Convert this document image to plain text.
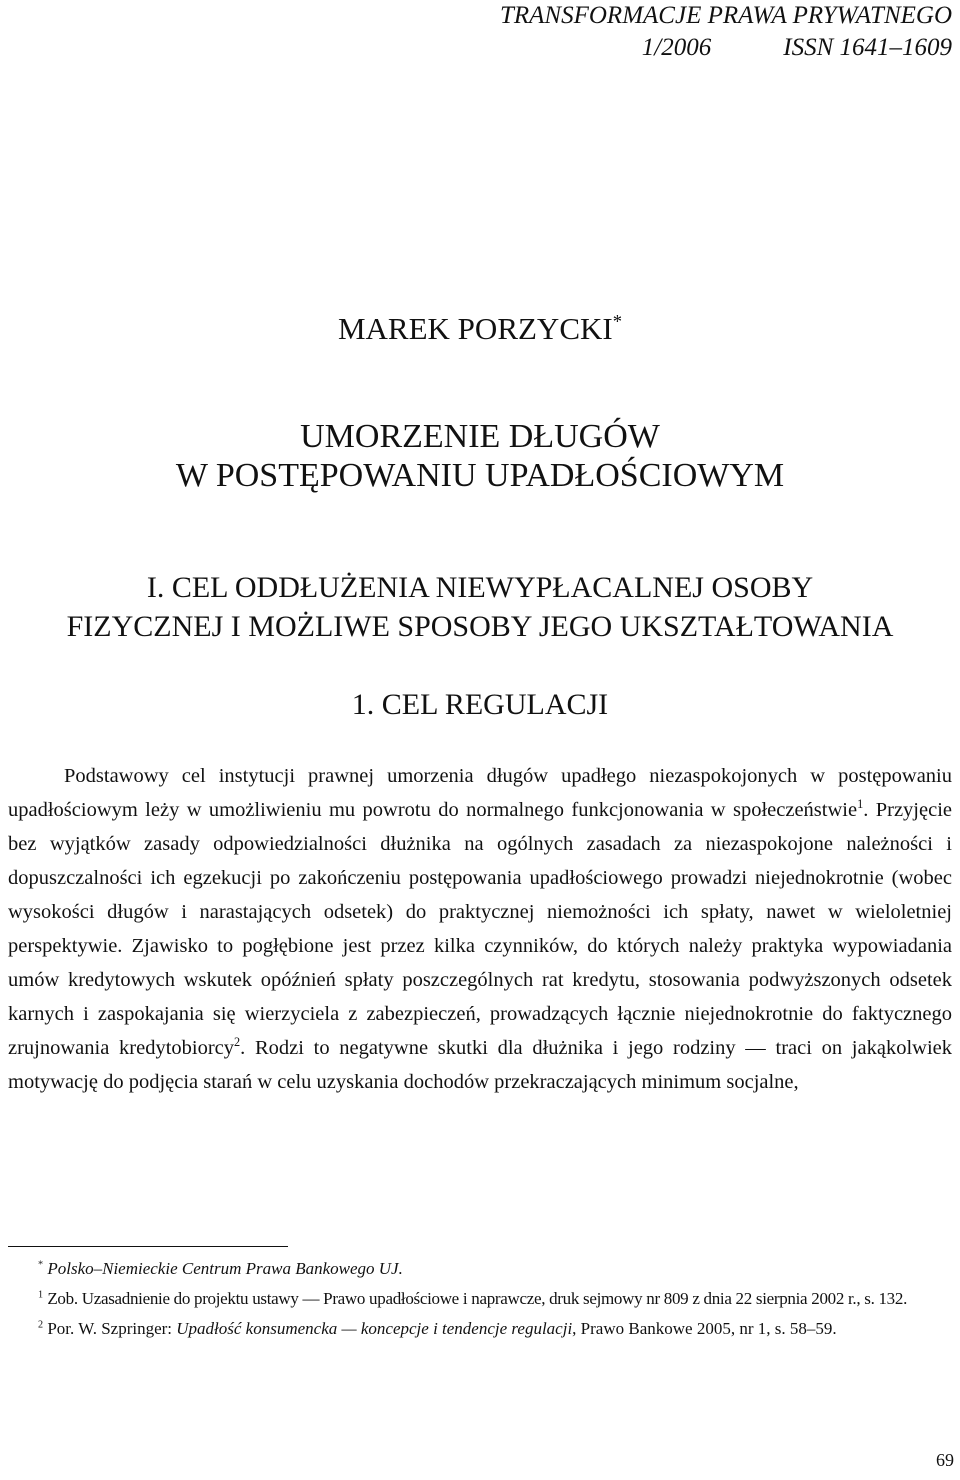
TRANSFORMACJE PRAWA PRYWATNEGO
1/2006	ISSN 1641–1609
MAREK PORZYCKI*
UMORZENIE DŁUGÓW
W POSTĘPOWANIU UPADŁOŚCIOWYM
I. CEL ODDŁUŻENIA NIEWYPŁACALNEJ OSOBY
FIZYCZNEJ I MOŻLIWE SPOSOBY JEGO UKSZTAŁTOWANIA
1. CEL REGULACJI
Podstawowy cel instytucji prawnej umorzenia długów upadłego niezaspokojonych w postępowaniu upadłościowym leży w umożliwieniu mu powrotu do normalnego funkcjonowania w społeczeństwie$^1$. Przyjęcie bez wyjątków zasady odpowiedzialności dłużnika na ogólnych zasadach za niezaspokojone należności i dopuszczalności ich egzekucji po zakończeniu postępowania upadłościowego prowadzi niejednokrotnie (wobec wysokości długów i narastających odsetek) do praktycznej niemożności ich spłaty, nawet w wieloletniej perspektywie. Zjawisko to pogłębione jest przez kilka czynników, do których należy praktyka wypowiadania umów kredytowych wskutek opóźnień spłaty poszczególnych rat kredytu, stosowania podwyższonych odsetek karnych i zaspokajania się wierzyciela z zabezpieczeń, prowadzących łącznie niejednokrotnie do faktycznego zrujnowania kredytobiorcy$^2$. Rodzi to negatywne skutki dla dłużnika i jego rodziny — traci on jakąkolwiek motywację do podjęcia starań w celu uzyskania dochodów przekraczających minimum socjalne,

* Polsko–Niemieckie Centrum Prawa Bankowego UJ.

$^1$ Zob. Uzasadnienie do projektu ustawy — Prawo upadłościowe i naprawcze, druk sejmowy nr 809 z dnia 22 sierpnia 2002 r., s. 132.

$^2$ Por. W. Szpringer: Upadłość konsumencka — koncepcje i tendencje regulacji, Prawo Bankowe 2005, nr 1, s. 58–59.

69
